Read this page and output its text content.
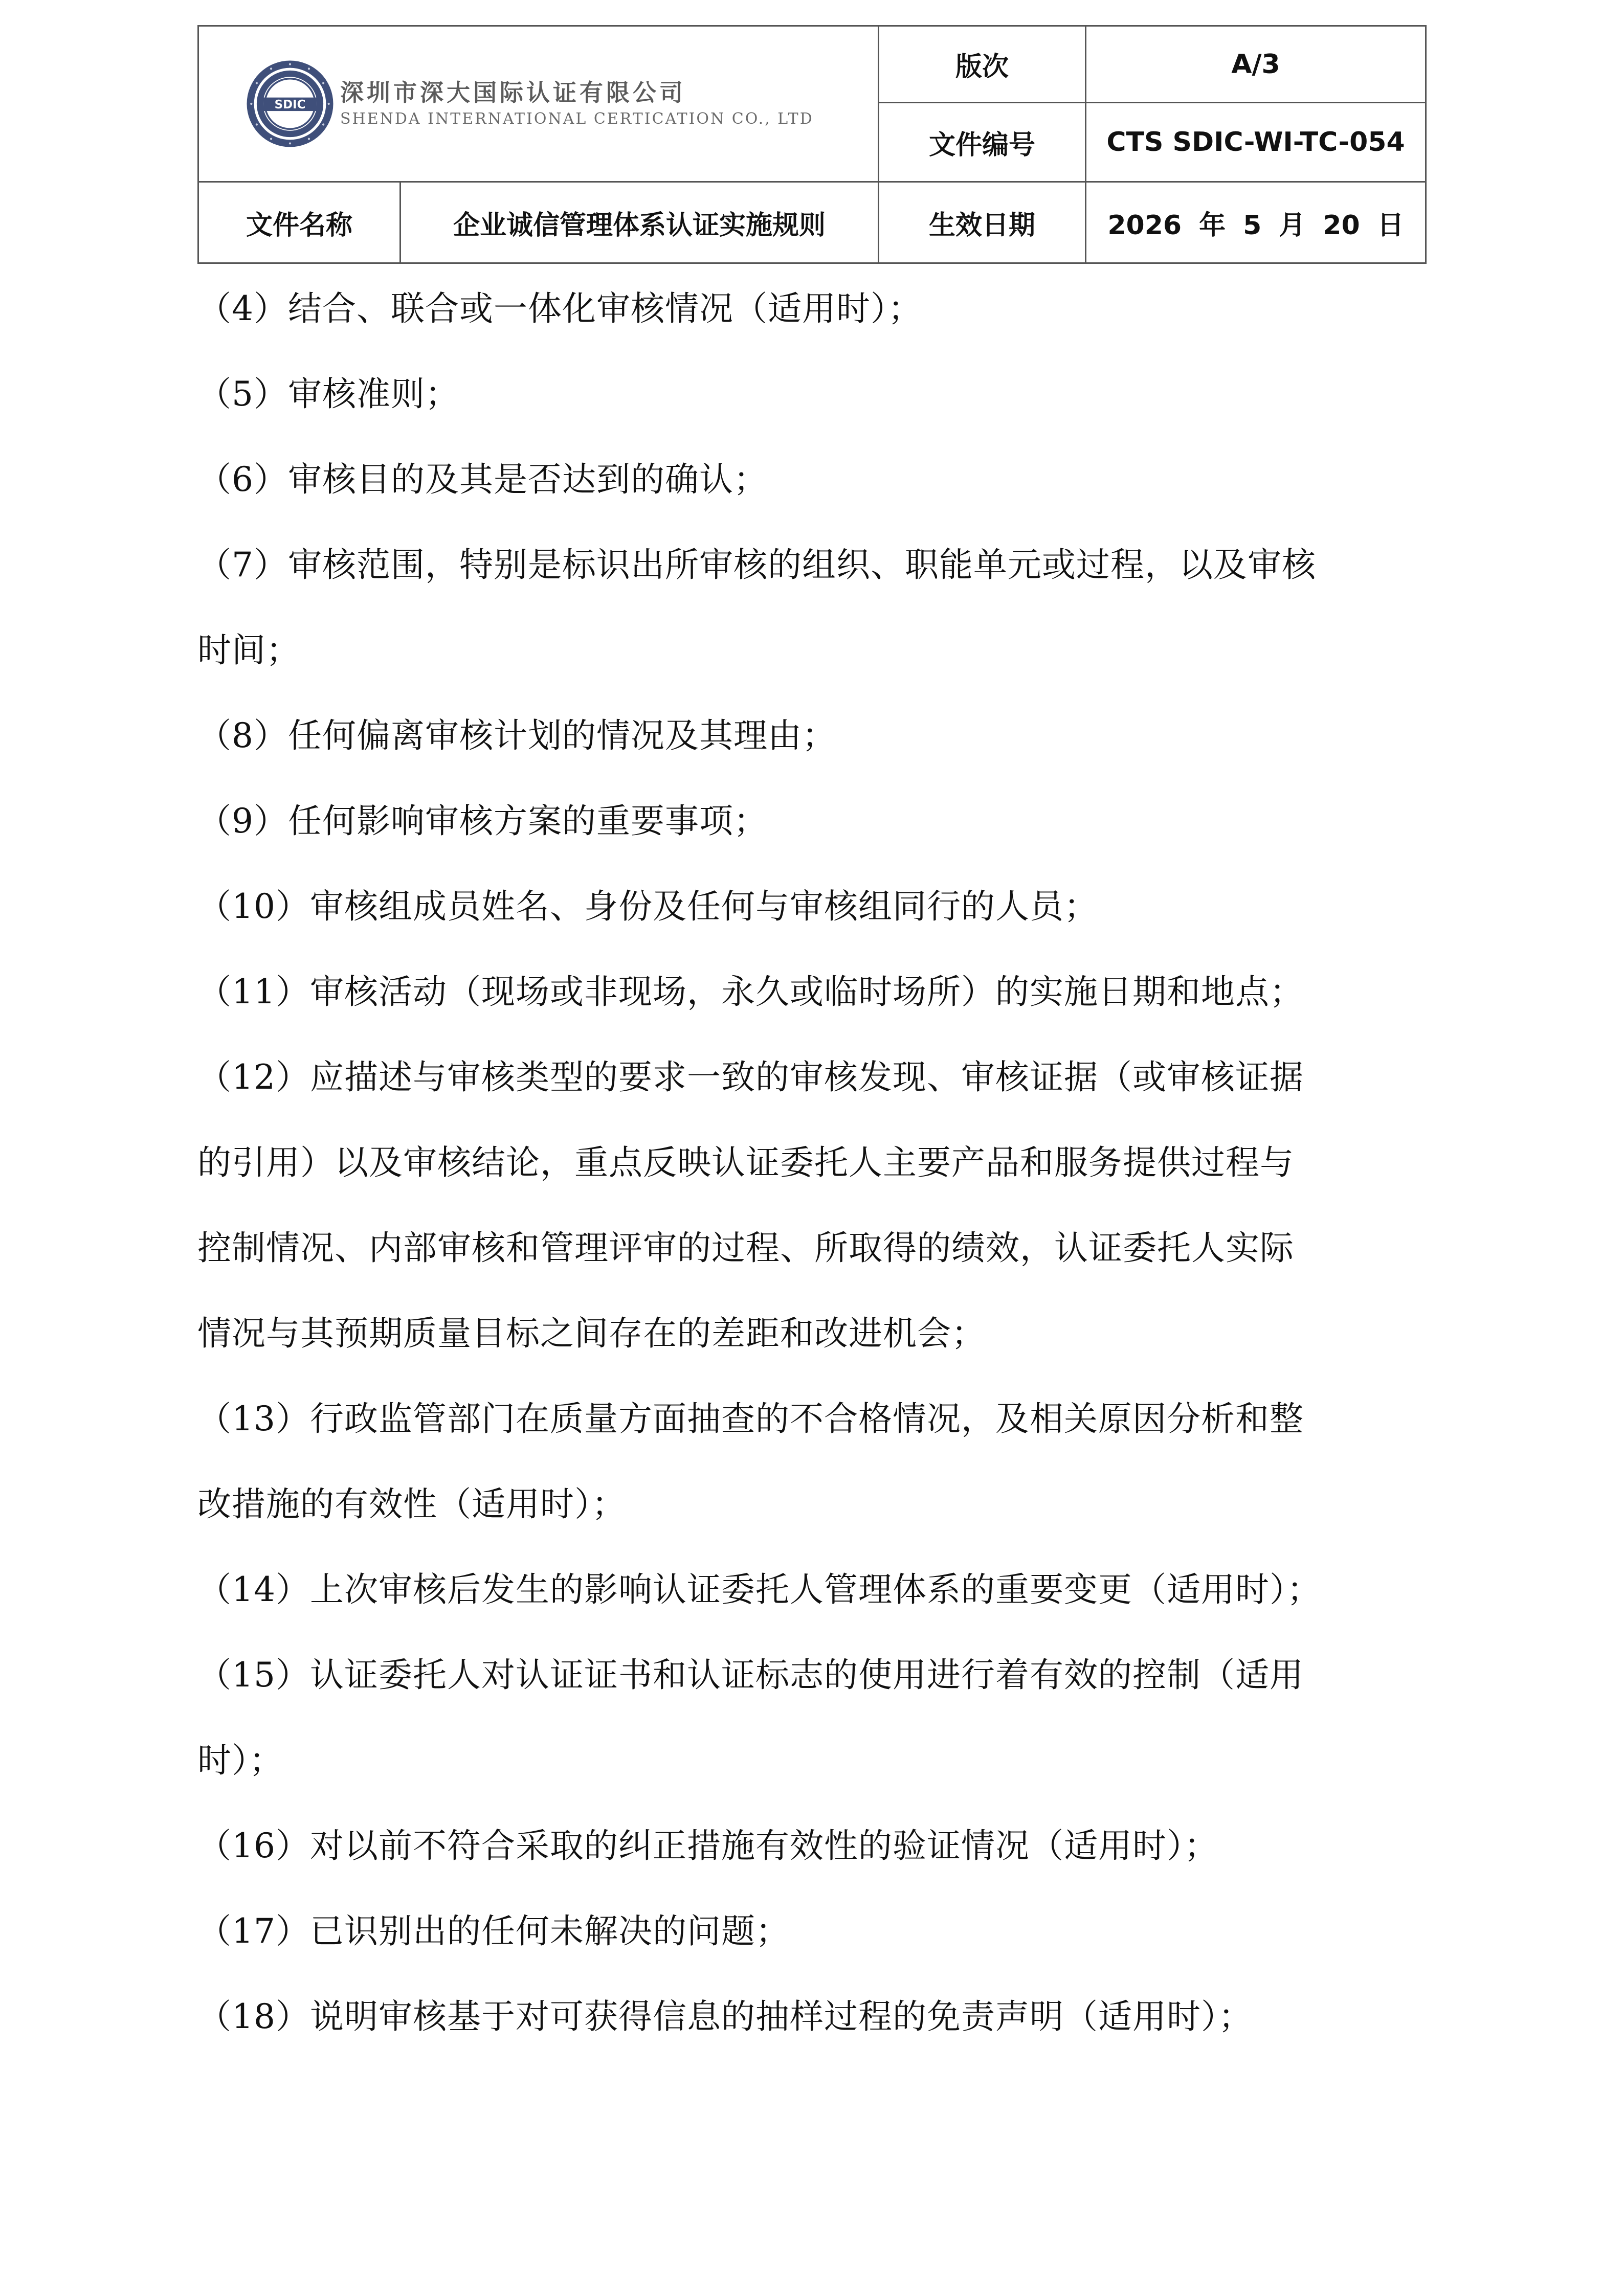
SDIC 深圳市深大国际认证有限公司
SHENDA INTERNATIONAL CERTICATION CO., LTD		版次	A/3
		文件编号	CTS SDIC-WI-TC-054
文件名称	企业诚信管理体系认证实施规则	生效日期	2026 年 5 月 20 日

（4）结合、联合或一体化审核情况（适用时）；

（5）审核准则；

（6）审核目的及其是否达到的确认；

（7）审核范围，特别是标识出所审核的组织、职能单元或过程，以及审核

时间；

（8）任何偏离审核计划的情况及其理由；

（9）任何影响审核方案的重要事项；

（10）审核组成员姓名、身份及任何与审核组同行的人员；

（11）审核活动（现场或非现场，永久或临时场所）的实施日期和地点；

（12）应描述与审核类型的要求一致的审核发现、审核证据（或审核证据

的引用）以及审核结论，重点反映认证委托人主要产品和服务提供过程与

控制情况、内部审核和管理评审的过程、所取得的绩效，认证委托人实际

情况与其预期质量目标之间存在的差距和改进机会；

（13）行政监管部门在质量方面抽查的不合格情况，及相关原因分析和整

改措施的有效性（适用时）；

（14）上次审核后发生的影响认证委托人管理体系的重要变更（适用时）；

（15）认证委托人对认证证书和认证标志的使用进行着有效的控制（适用

时）；

（16）对以前不符合采取的纠正措施有效性的验证情况（适用时）；

（17）已识别出的任何未解决的问题；

（18）说明审核基于对可获得信息的抽样过程的免责声明（适用时）；
